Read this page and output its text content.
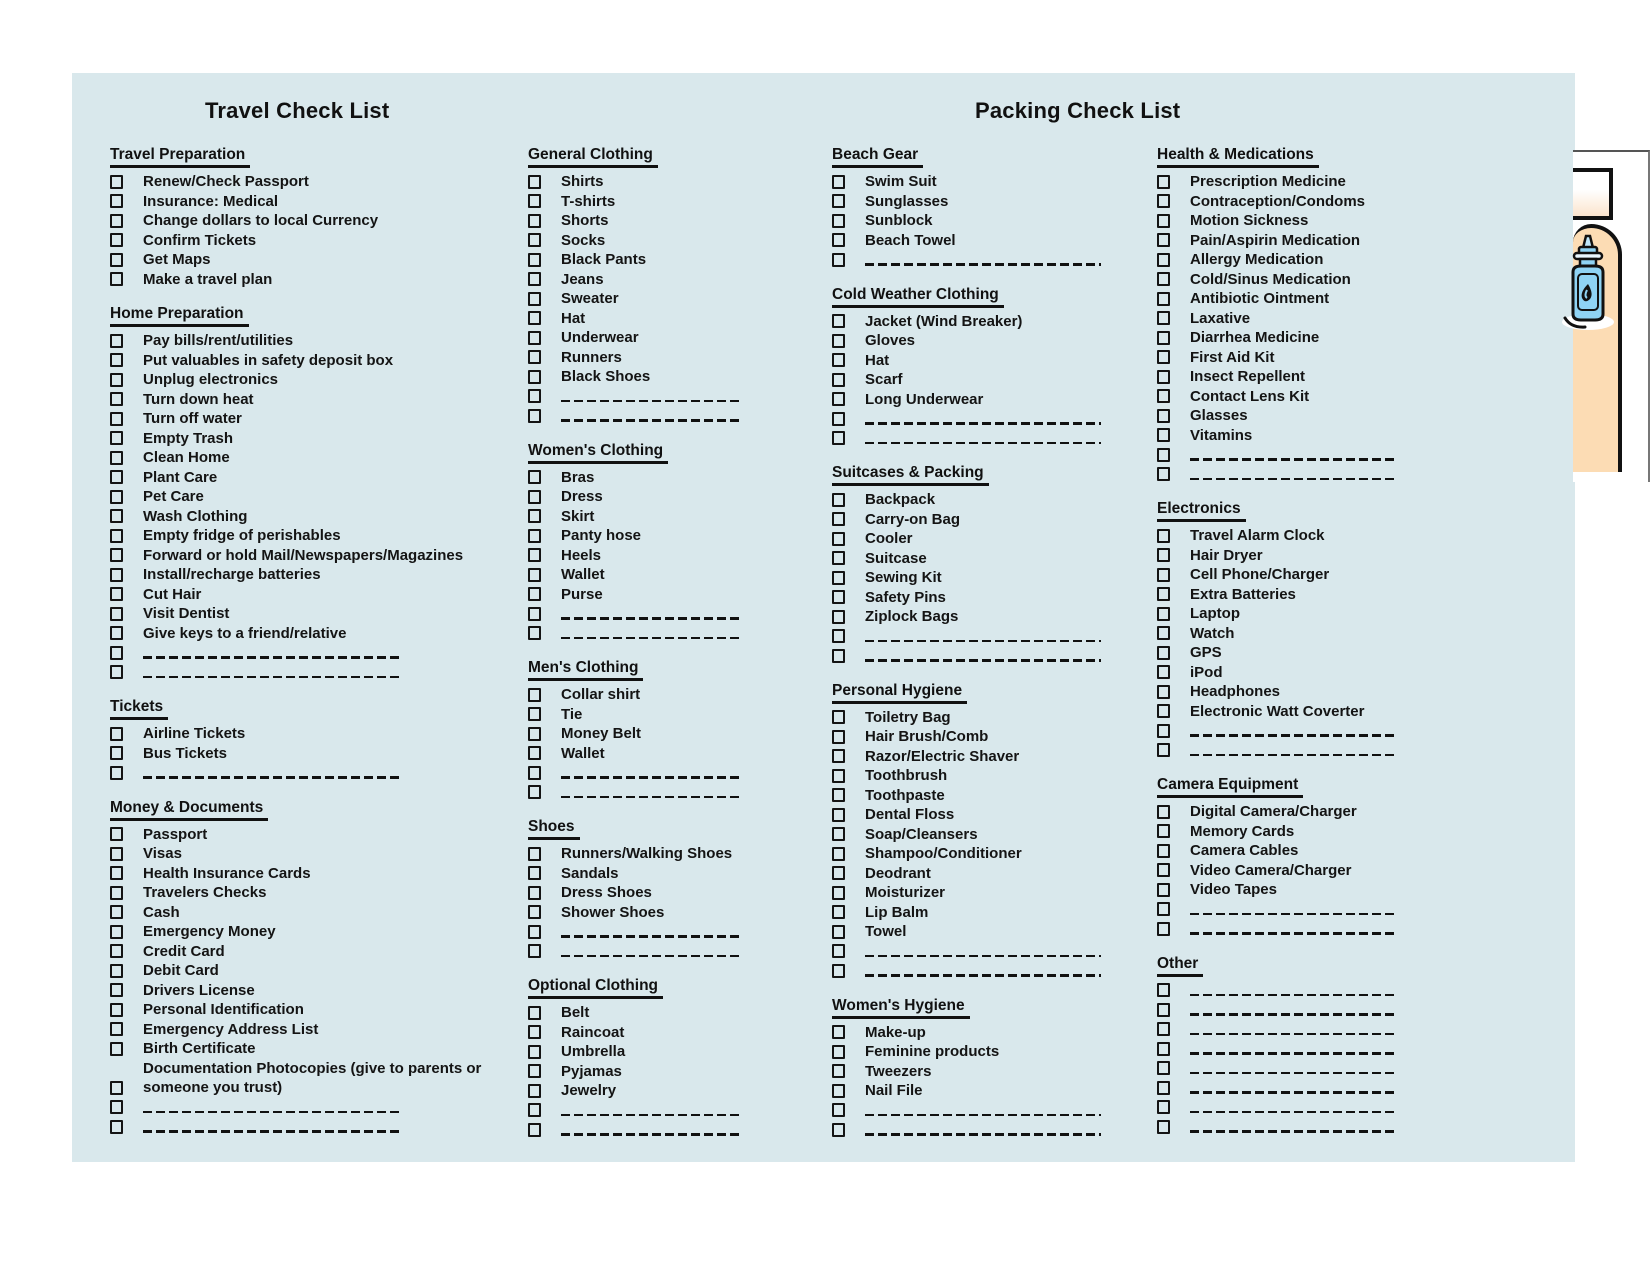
Travel Check List	Packing Check List
Travel Preparation
Renew/Check Passport
Insurance: Medical
Change dollars to local Currency
Confirm Tickets
Get Maps
Make a travel plan
Home Preparation
Pay bills/rent/utilities
Put valuables in safety deposit box
Unplug electronics
Turn down heat
Turn off water
Empty Trash
Clean Home
Plant Care
Pet Care
Wash Clothing
Empty fridge of perishables
Forward or hold Mail/Newspapers/Magazines
Install/recharge batteries
Cut Hair
Visit Dentist
Give keys to a friend/relative
Tickets
Airline Tickets
Bus Tickets
Money & Documents
Passport
Visas
Health Insurance Cards
Travelers Checks
Cash
Emergency Money
Credit Card
Debit Card
Drivers License
Personal Identification
Emergency Address List
Birth Certificate
Documentation Photocopies (give to parents or someone you trust)
General Clothing
Shirts
T-shirts
Shorts
Socks
Black Pants
Jeans
Sweater
Hat
Underwear
Runners
Black Shoes
Women's Clothing
Bras
Dress
Skirt
Panty hose
Heels
Wallet
Purse
Men's Clothing
Collar shirt
Tie
Money Belt
Wallet
Shoes
Runners/Walking Shoes
Sandals
Dress Shoes
Shower Shoes
Optional Clothing
Belt
Raincoat
Umbrella
Pyjamas
Jewelry
Beach Gear
Swim Suit
Sunglasses
Sunblock
Beach Towel
Cold Weather Clothing
Jacket (Wind Breaker)
Gloves
Hat
Scarf
Long Underwear
Suitcases & Packing
Backpack
Carry-on Bag
Cooler
Suitcase
Sewing Kit
Safety Pins
Ziplock Bags
Personal Hygiene
Toiletry Bag
Hair Brush/Comb
Razor/Electric Shaver
Toothbrush
Toothpaste
Dental Floss
Soap/Cleansers
Shampoo/Conditioner
Deodrant
Moisturizer
Lip Balm
Towel
Women's Hygiene
Make-up
Feminine products
Tweezers
Nail File
Health & Medications
Prescription Medicine
Contraception/Condoms
Motion Sickness
Pain/Aspirin Medication
Allergy Medication
Cold/Sinus Medication
Antibiotic Ointment
Laxative
Diarrhea Medicine
First Aid Kit
Insect Repellent
Contact Lens Kit
Glasses
Vitamins
Electronics
Travel Alarm Clock
Hair Dryer
Cell Phone/Charger
Extra Batteries
Laptop
Watch
GPS
iPod
Headphones
Electronic Watt Coverter
Camera Equipment
Digital Camera/Charger
Memory Cards
Camera Cables
Video Camera/Charger
Video Tapes
Other
